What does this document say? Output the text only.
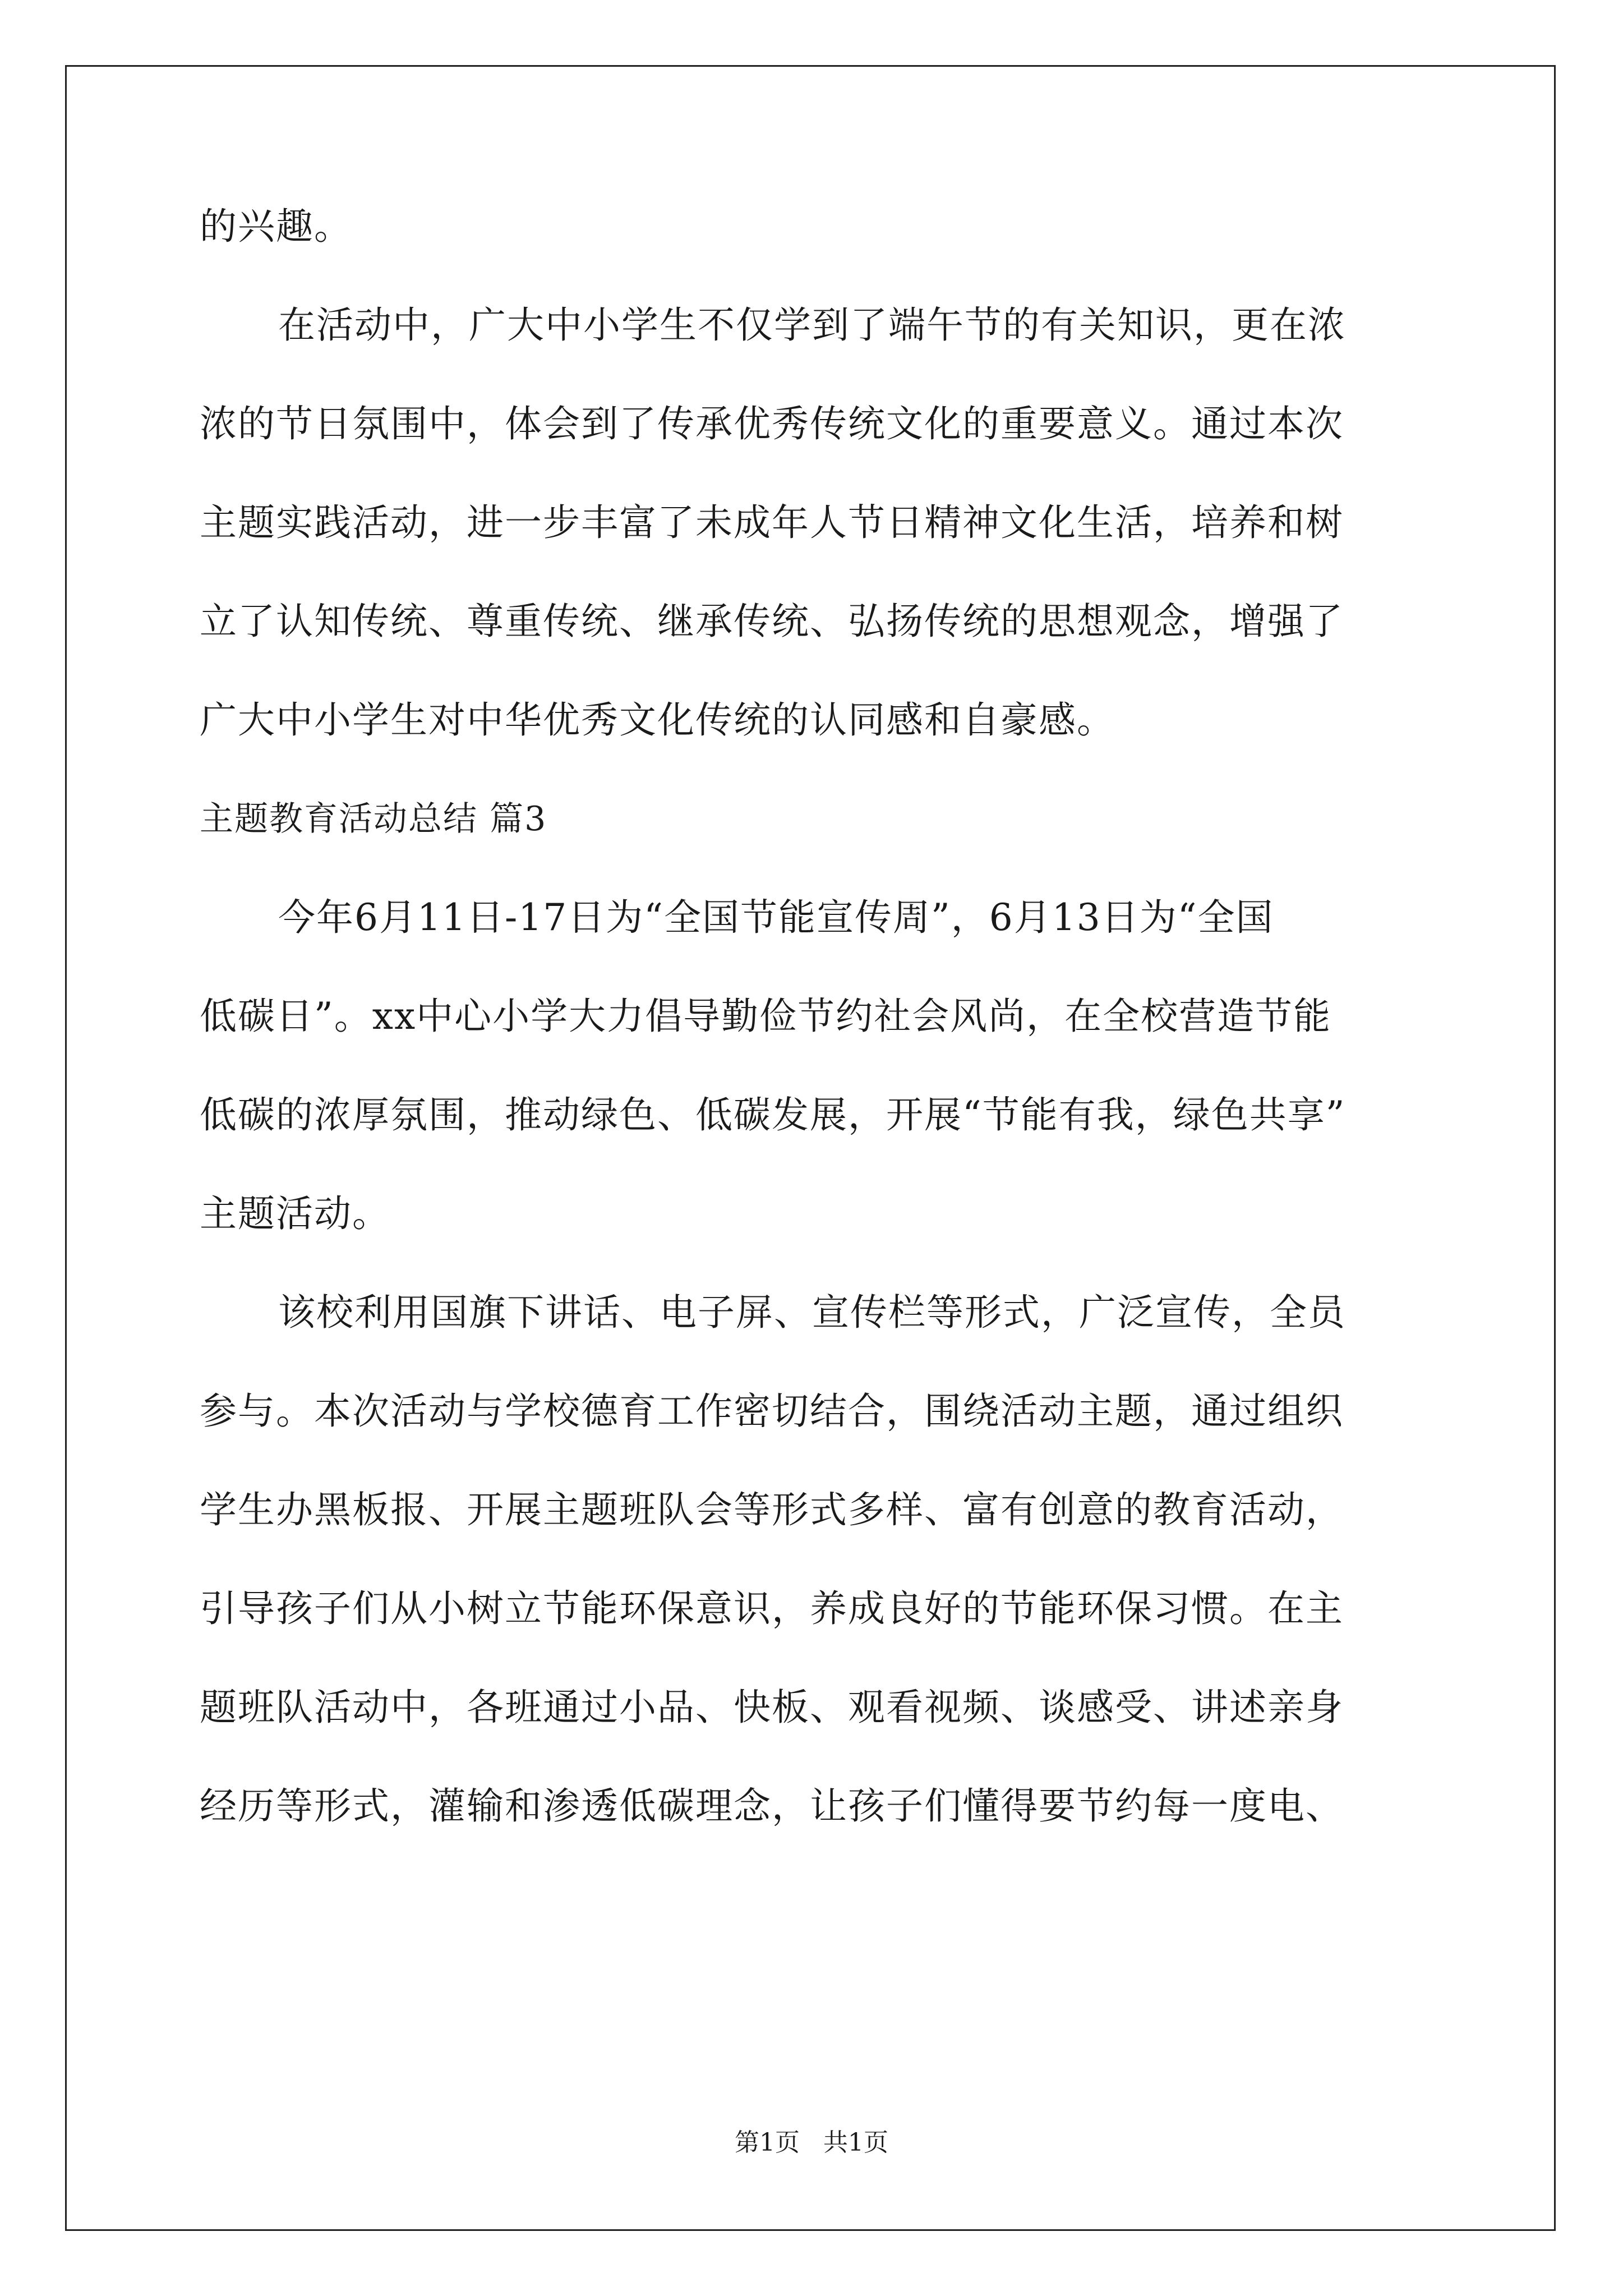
的兴趣。
在活动中，广大中小学生不仅学到了端午节的有关知识，更在浓
浓的节日氛围中，体会到了传承优秀传统文化的重要意义。通过本次
主题实践活动，进一步丰富了未成年人节日精神文化生活，培养和树
立了认知传统、尊重传统、继承传统、弘扬传统的思想观念，增强了
广大中小学生对中华优秀文化传统的认同感和自豪感。
主题教育活动总结 篇3
今年6月11日-17日为“全国节能宣传周”，6月13日为“全国
低碳日”。xx中心小学大力倡导勤俭节约社会风尚，在全校营造节能
低碳的浓厚氛围，推动绿色、低碳发展，开展“节能有我，绿色共享”
主题活动。
该校利用国旗下讲话、电子屏、宣传栏等形式，广泛宣传，全员
参与。本次活动与学校德育工作密切结合，围绕活动主题，通过组织
学生办黑板报、开展主题班队会等形式多样、富有创意的教育活动，
引导孩子们从小树立节能环保意识，养成良好的节能环保习惯。在主
题班队活动中，各班通过小品、快板、观看视频、谈感受、讲述亲身
经历等形式，灌输和渗透低碳理念，让孩子们懂得要节约每一度电、
第1页 共1页
